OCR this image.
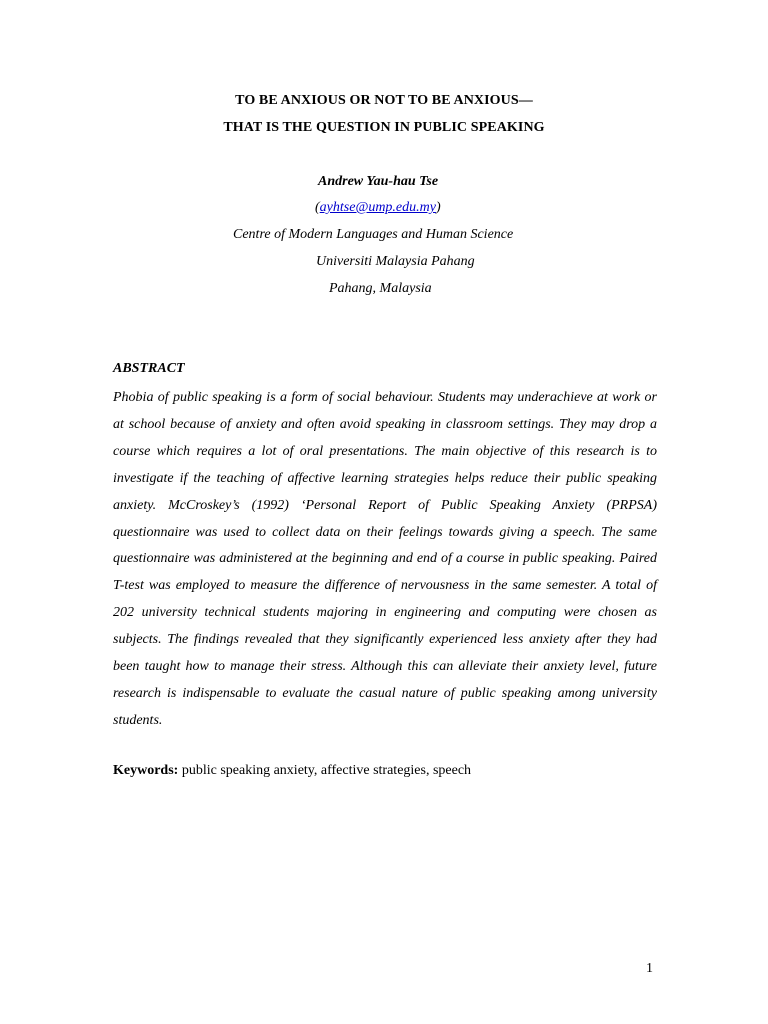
TO BE ANXIOUS OR NOT TO BE ANXIOUS—
THAT IS THE QUESTION IN PUBLIC SPEAKING
Andrew Yau-hau Tse
(ayhtse@ump.edu.my)
Centre of Modern Languages and Human Science
Universiti Malaysia Pahang
Pahang, Malaysia
ABSTRACT
Phobia of public speaking is a form of social behaviour. Students may underachieve at work or at school because of anxiety and often avoid speaking in classroom settings. They may drop a course which requires a lot of oral presentations. The main objective of this research is to investigate if the teaching of affective learning strategies helps reduce their public speaking anxiety. McCroskey’s (1992) ‘Personal Report of Public Speaking Anxiety (PRPSA) questionnaire was used to collect data on their feelings towards giving a speech. The same questionnaire was administered at the beginning and end of a course in public speaking. Paired T-test was employed to measure the difference of nervousness in the same semester. A total of 202 university technical students majoring in engineering and computing were chosen as subjects. The findings revealed that they significantly experienced less anxiety after they had been taught how to manage their stress. Although this can alleviate their anxiety level, future research is indispensable to evaluate the casual nature of public speaking among university students.
Keywords: public speaking anxiety, affective strategies, speech
1
